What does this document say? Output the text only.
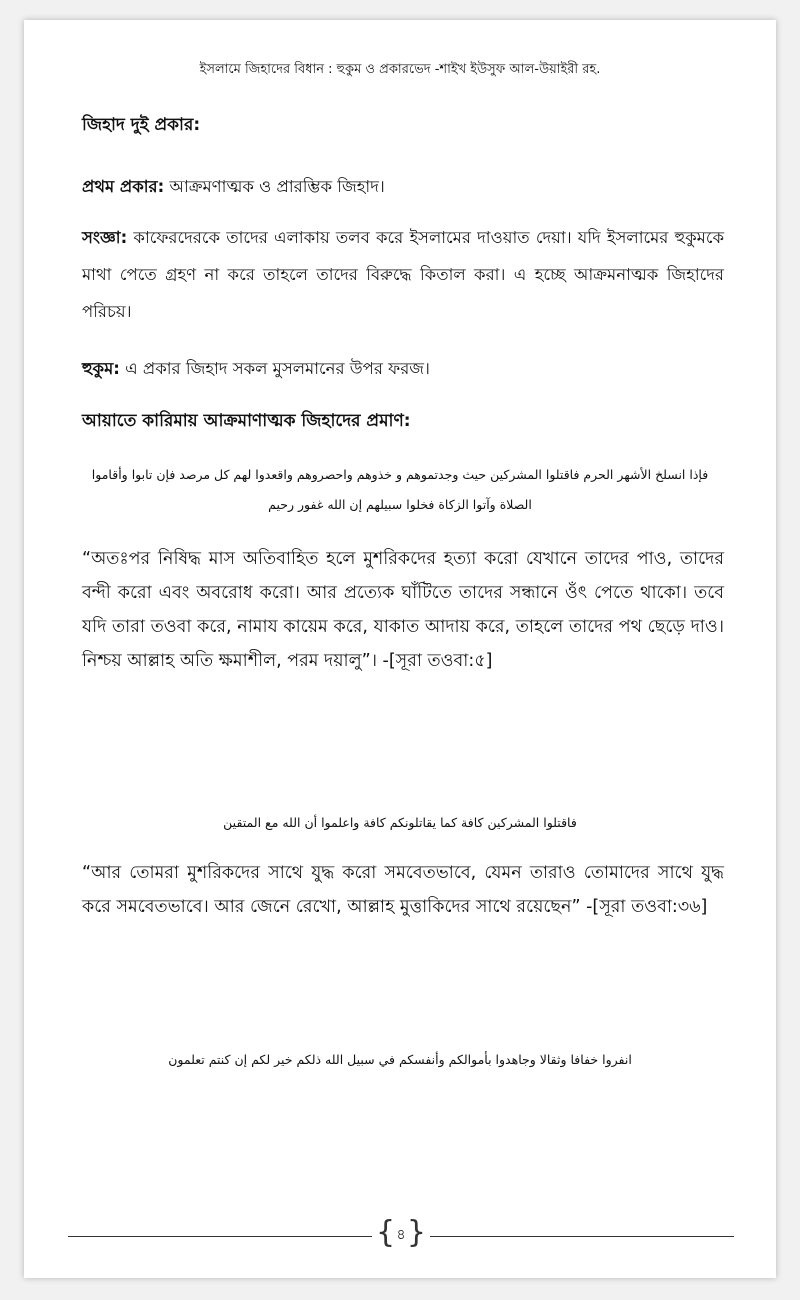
ইসলামে জিহাদের বিধান : হুকুম ও প্রকারভেদ -শাইখ ইউসুফ আল-উয়াইরী রহ.
জিহাদ দুই প্রকার:
প্রথম প্রকার: আক্রমণাত্মক ও প্রারম্ভিক জিহাদ।
সংজ্ঞা: কাফেরদেরকে তাদের এলাকায় তলব করে ইসলামের দাওয়াত দেয়া। যদি ইসলামের হুকুমকে মাথা পেতে গ্রহণ না করে তাহলে তাদের বিরুদ্ধে কিতাল করা। এ হচ্ছে আক্রমনাত্মক জিহাদের পরিচয়।
হুকুম: এ প্রকার জিহাদ সকল মুসলমানের উপর ফরজ।
আয়াতে কারিমায় আক্রমাণাত্মক জিহাদের প্রমাণ:
فإذا انسلخ الأشهر الحرم فاقتلوا المشركين حيث وجدتموهم و خذوهم واحصروهم واقعدوا لهم كل مرصد فإن تابوا وأقاموا الصلاة وآتوا الزكاة فخلوا سبيلهم إن الله غفور رحيم
“অতঃপর নিষিদ্ধ মাস অতিবাহিত হলে মুশরিকদের হত্যা করো যেখানে তাদের পাও, তাদের বন্দী করো এবং অবরোধ করো। আর প্রত্যেক ঘাঁটিতে তাদের সন্ধানে ওঁৎ পেতে থাকো। তবে যদি তারা তওবা করে, নামায কায়েম করে, যাকাত আদায় করে, তাহলে তাদের পথ ছেড়ে দাও। নিশ্চয় আল্লাহ অতি ক্ষমাশীল, পরম দয়ালু”। -[সূরা তওবা:৫]
فاقتلوا المشركين كافة كما يقاتلونكم كافة واعلموا أن الله مع المتقين
“আর তোমরা মুশরিকদের সাথে যুদ্ধ করো সমবেতভাবে, যেমন তারাও তোমাদের সাথে যুদ্ধ করে সমবেতভাবে। আর জেনে রেখো, আল্লাহ মুত্তাকিদের সাথে রয়েছেন” -[সূরা তওবা:৩৬]
انفروا خفافا وثقالا وجاهدوا بأموالكم وأنفسكم في سبيل الله ذلكم خير لكم إن كنتم تعلمون
{ ৪ }
